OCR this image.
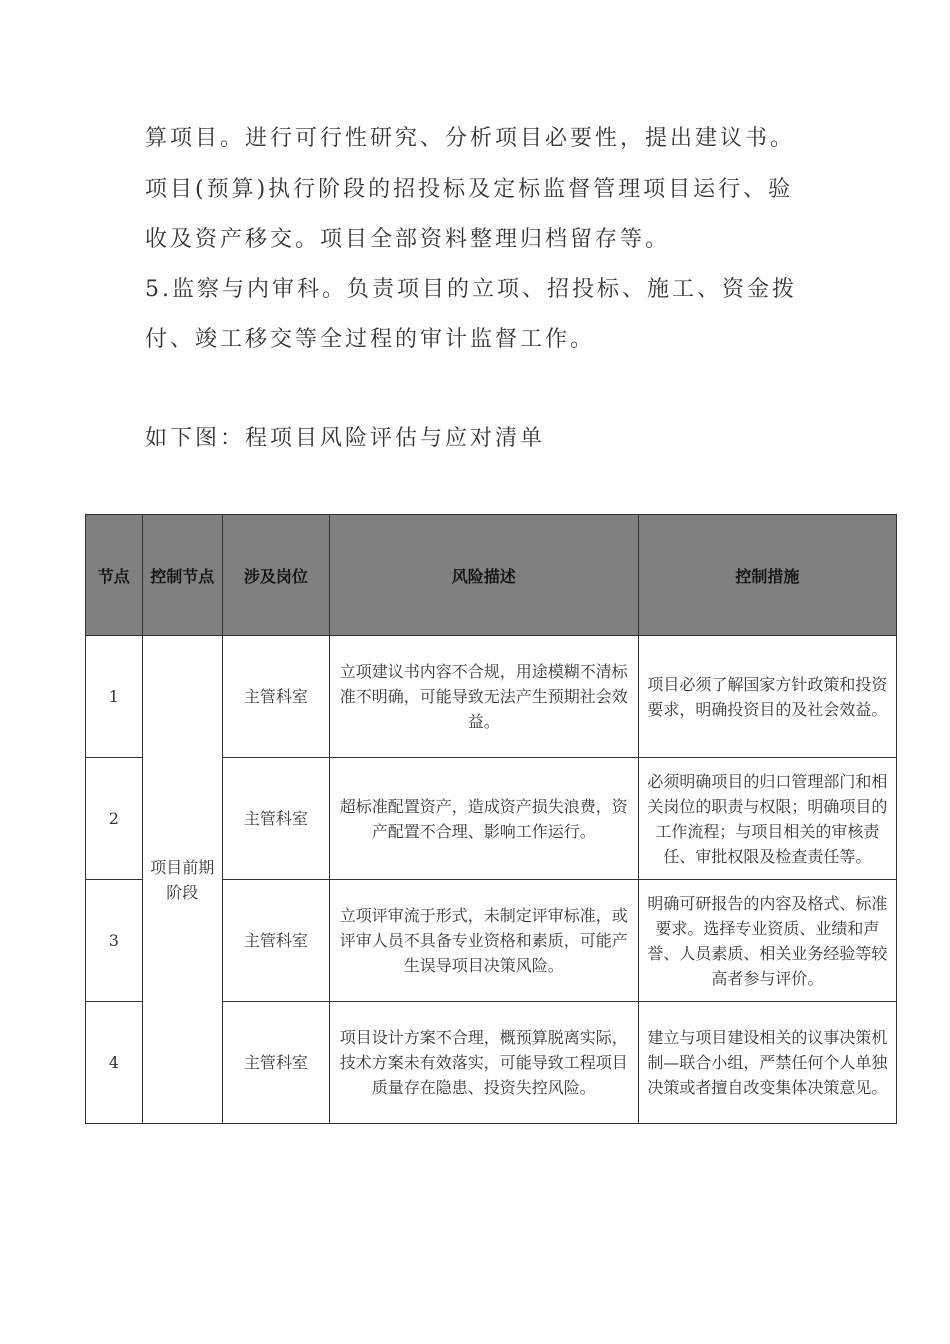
算项目。进行可行性研究、分析项目必要性，提出建议书。
项目(预算)执行阶段的招投标及定标监督管理项目运行、验
收及资产移交。项目全部资料整理归档留存等。
5.监察与内审科。负责项目的立项、招投标、施工、资金拨
付、竣工移交等全过程的审计监督工作。
如下图：程项目风险评估与应对清单
节点	控制节点	涉及岗位	风险描述	控制措施
1	项目前期阶段	主管科室	立项建议书内容不合规，用途模糊不清标准不明确，可能导致无法产生预期社会效益。	项目必须了解国家方针政策和投资要求，明确投资目的及社会效益。
2		主管科室	超标准配置资产，造成资产损失浪费，资产配置不合理、影响工作运行。	必须明确项目的归口管理部门和相关岗位的职责与权限；明确项目的工作流程；与项目相关的审核责任、审批权限及检查责任等。
3		主管科室	立项评审流于形式，未制定评审标准，或评审人员不具备专业资格和素质，可能产生误导项目决策风险。	明确可研报告的内容及格式、标准要求。选择专业资质、业绩和声誉、人员素质、相关业务经验等较高者参与评价。
4		主管科室	项目设计方案不合理，概预算脱离实际，技术方案未有效落实，可能导致工程项目质量存在隐患、投资失控风险。	建立与项目建设相关的议事决策机制—联合小组，严禁任何个人单独决策或者擅自改变集体决策意见。
